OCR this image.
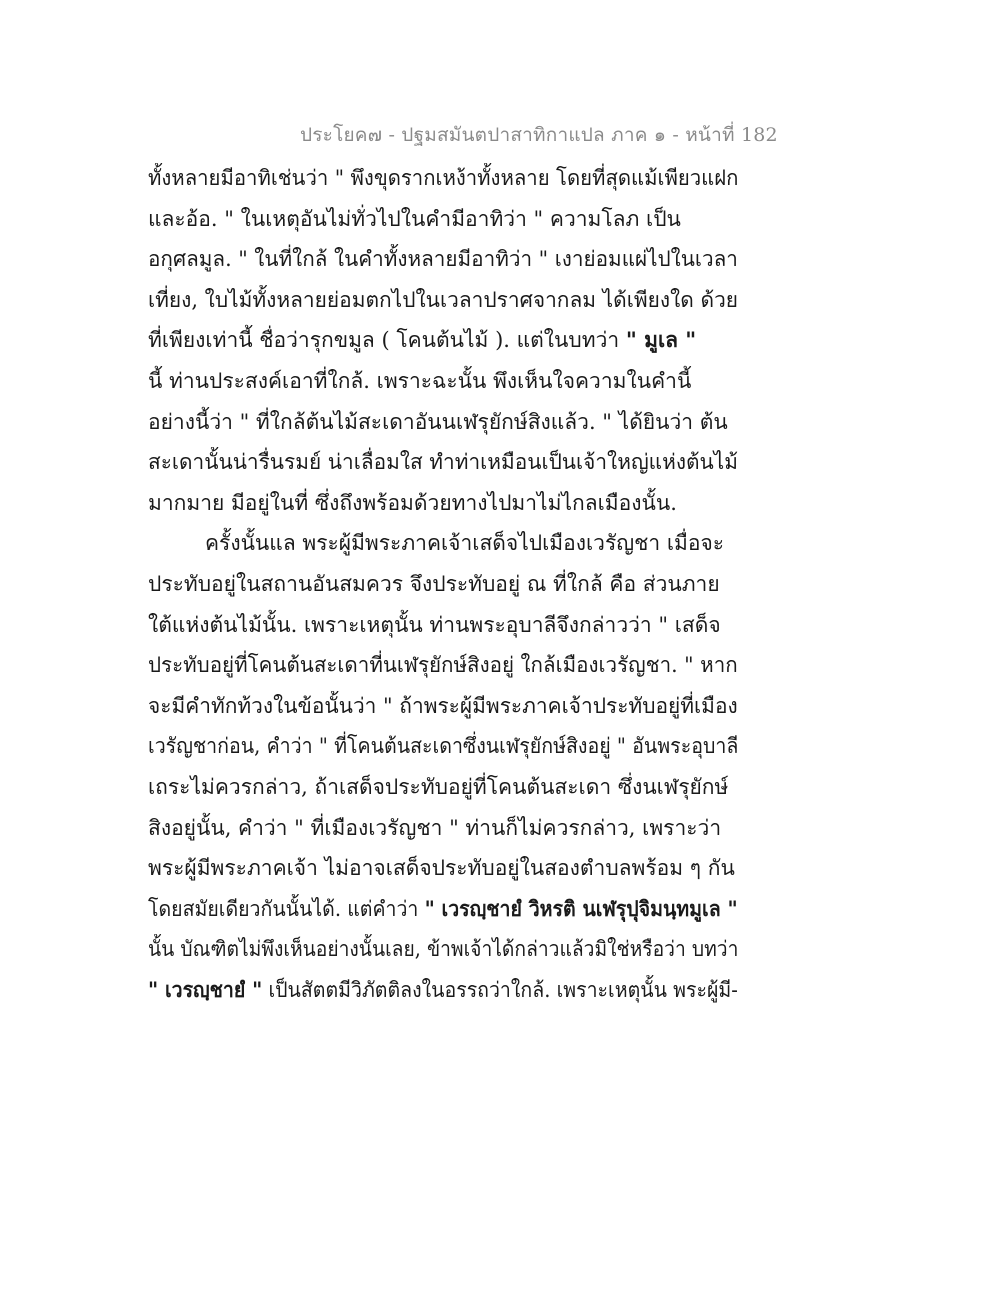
ประโยค๗ - ปฐมสมันตปาสาทิกาแปล ภาค ๑ - หน้าที่ 182
ทั้งหลายมีอาทิเช่นว่า " พึงขุดรากเหง้าทั้งหลาย โดยที่สุดแม้เพียวแฝก
และอ้อ. " ในเหตุอันไม่ทั่วไปในคำมีอาทิว่า " ความโลภ เป็น
อกุศลมูล. " ในที่ใกล้ ในคำทั้งหลายมีอาทิว่า " เงาย่อมแผ่ไปในเวลา
เที่ยง, ใบไม้ทั้งหลายย่อมตกไปในเวลาปราศจากลม ได้เพียงใด ด้วย
ที่เพียงเท่านี้ ชื่อว่ารุกขมูล ( โคนต้นไม้ ). แต่ในบทว่า " มูเล "
นี้ ท่านประสงค์เอาที่ใกล้. เพราะฉะนั้น พึงเห็นใจความในคำนี้
อย่างนี้ว่า " ที่ใกล้ต้นไม้สะเดาอันนเฬรุยักษ์สิงแล้ว. " ได้ยินว่า ต้น
สะเดานั้นน่ารื่นรมย์ น่าเลื่อมใส ทำท่าเหมือนเป็นเจ้าใหญ่แห่งต้นไม้
มากมาย มีอยู่ในที่ ซึ่งถึงพร้อมด้วยทางไปมาไม่ไกลเมืองนั้น.
ครั้งนั้นแล พระผู้มีพระภาคเจ้าเสด็จไปเมืองเวรัญชา เมื่อจะ
ประทับอยู่ในสถานอันสมควร จึงประทับอยู่ ณ ที่ใกล้ คือ ส่วนภาย
ใต้แห่งต้นไม้นั้น. เพราะเหตุนั้น ท่านพระอุบาลีจึงกล่าวว่า " เสด็จ
ประทับอยู่ที่โคนต้นสะเดาที่นเฬรุยักษ์สิงอยู่ ใกล้เมืองเวรัญชา. " หาก
จะมีคำทักท้วงในข้อนั้นว่า " ถ้าพระผู้มีพระภาคเจ้าประทับอยู่ที่เมือง
เวรัญชาก่อน, คำว่า " ที่โคนต้นสะเดาซึ่งนเฬรุยักษ์สิงอยู่ " อันพระอุบาลี
เถระไม่ควรกล่าว, ถ้าเสด็จประทับอยู่ที่โคนต้นสะเดา ซึ่งนเฬรุยักษ์
สิงอยู่นั้น, คำว่า " ที่เมืองเวรัญชา " ท่านก็ไม่ควรกล่าว, เพราะว่า
พระผู้มีพระภาคเจ้า ไม่อาจเสด็จประทับอยู่ในสองตำบลพร้อม ๆ กัน
โดยสมัยเดียวกันนั้นได้. แต่คำว่า " เวรญฺชายํ วิหรติ นเฬรุปุจิมนฺทมูเล "
นั้น บัณฑิตไม่พึงเห็นอย่างนั้นเลย, ข้าพเจ้าได้กล่าวแล้วมิใช่หรือว่า บทว่า
" เวรญฺชายํ " เป็นสัตตมีวิภัตติลงในอรรถว่าใกล้. เพราะเหตุนั้น พระผู้มี-
